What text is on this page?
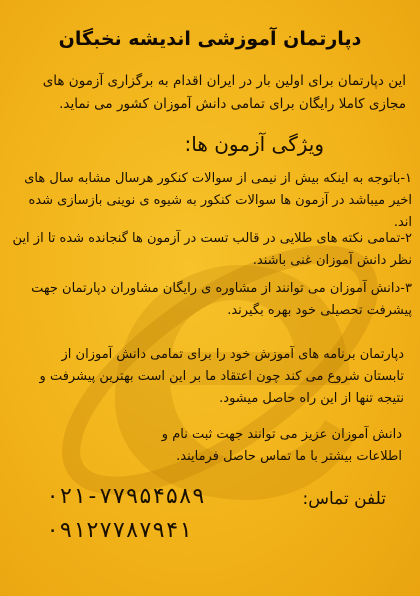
دپارتمان آموزشی اندیشه نخبگان
این دپارتمان برای اولین بار در ایران اقدام به برگزاری آزمون های مجازی کاملا رایگان برای تمامی دانش آموزان کشور می نماید.
ویژگی آزمون ها:
۱-باتوجه به اینکه بیش از نیمی از سوالات کنکور هرسال مشابه سال های اخیر میباشد در آزمون ها سوالات کنکور به شیوه ی نوینی بازسازی شده اند.
۲-تمامی نکته های طلایی در قالب تست در آزمون ها گنجانده شده تا از این نظر دانش آموزان غنی باشند.
۳-دانش آموزان می توانند از مشاوره ی رایگان مشاوران دپارتمان جهت پیشرفت تحصیلی خود بهره بگیرند.
دپارتمان برنامه های آموزش خود را برای تمامی دانش آموزان از تابستان شروع می کند چون اعتقاد ما بر این است بهترین پیشرفت و نتیجه تنها از این راه حاصل میشود.
دانش آموزان عزیز می توانند جهت ثبت نام و اطلاعات بیشتر با ما تماس حاصل فرمایند.
تلفن تماس:
۰۲۱-۷۷۹۵۴۵۸۹
۰۹۱۲۷۷۸۷۹۴۱
